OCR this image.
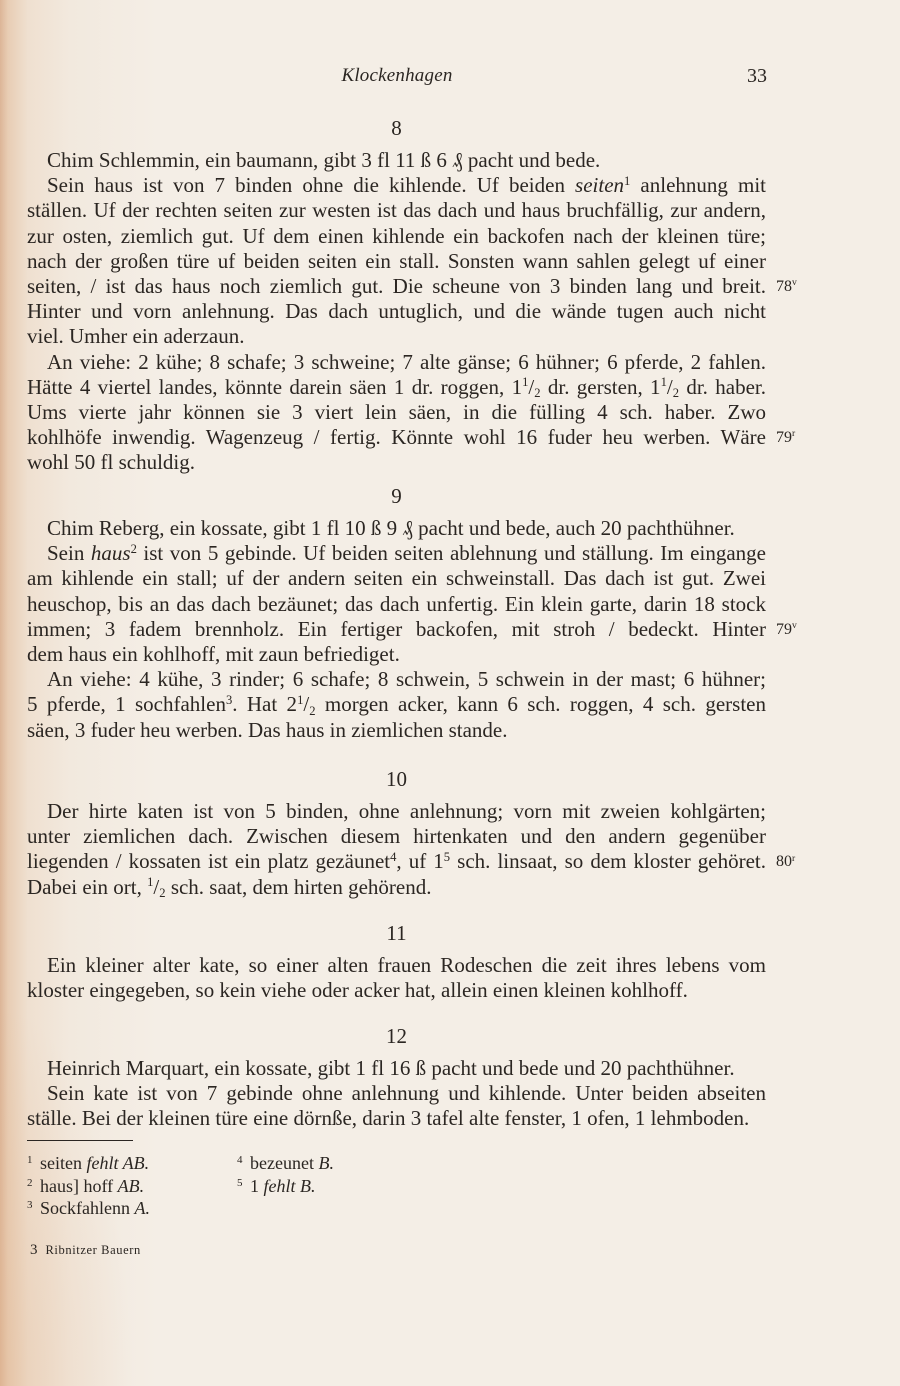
Klockenhagen	33
8
Chim Schlemmin, ein baumann, gibt 3 fl 11 ß 6 ₰ pacht und bede.
Sein haus ist von 7 binden ohne die kihlende. Uf beiden seiten$^1$ anlehnung mit
ställen. Uf der rechten seiten zur westen ist das dach und haus bruchfällig, zur andern,
zur osten, ziemlich gut. Uf dem einen kihlende ein backofen nach der kleinen türe;
nach der großen türe uf beiden seiten ein stall. Sonsten wann sahlen gelegt uf einer
seiten, / ist das haus noch ziemlich gut. Die scheune von 3 binden lang und breit. 78$^v$
Hinter und vorn anlehnung. Das dach untuglich, und die wände tugen auch nicht
viel. Umher ein aderzaun.
An viehe: 2 kühe; 8 schafe; 3 schweine; 7 alte gänse; 6 hühner; 6 pferde, 2 fahlen.
Hätte 4 viertel landes, könnte darein säen 1 dr. roggen, $1^1/_2$ dr. gersten, $1^1/_2$ dr. haber.
Ums vierte jahr können sie 3 viert lein säen, in die fülling 4 sch. haber. Zwo
kohlhöfe inwendig. Wagenzeug / fertig. Könnte wohl 16 fuder heu werben. Wäre 79$^r$
wohl 50 fl schuldig.
9
Chim Reberg, ein kossate, gibt 1 fl 10 ß 9 ₰ pacht und bede, auch 20 pachthühner.
Sein haus$^2$ ist von 5 gebinde. Uf beiden seiten ablehnung und ställung. Im eingange
am kihlende ein stall; uf der andern seiten ein schweinstall. Das dach ist gut. Zwei
heuschop, bis an das dach bezäunet; das dach unfertig. Ein klein garte, darin 18 stock
immen; 3 fadem brennholz. Ein fertiger backofen, mit stroh / bedeckt. Hinter 79$^v$
dem haus ein kohlhoff, mit zaun befriediget.
An viehe: 4 kühe, 3 rinder; 6 schafe; 8 schwein, 5 schwein in der mast; 6 hühner;
5 pferde, 1 sochfahlen$^3$. Hat $2^1/_2$ morgen acker, kann 6 sch. roggen, 4 sch. gersten
säen, 3 fuder heu werben. Das haus in ziemlichen stande.
10
Der hirte katen ist von 5 binden, ohne anlehnung; vorn mit zweien kohlgärten;
unter ziemlichen dach. Zwischen diesem hirtenkaten und den andern gegenüber
liegenden / kossaten ist ein platz gezäunet$^4$, uf $1^5$ sch. linsaat, so dem kloster gehöret. 80$^r$
Dabei ein ort, $^1/_2$ sch. saat, dem hirten gehörend.
11
Ein kleiner alter kate, so einer alten frauen Rodeschen die zeit ihres lebens vom
kloster eingegeben, so kein viehe oder acker hat, allein einen kleinen kohlhoff.
12
Heinrich Marquart, ein kossate, gibt 1 fl 16 ß pacht und bede und 20 pachthühner.
Sein kate ist von 7 gebinde ohne anlehnung und kihlende. Unter beiden abseiten
ställe. Bei der kleinen türe eine dörnße, darin 3 tafel alte fenster, 1 ofen, 1 lehmboden.
1 seiten fehlt AB.
2 haus] hoff AB.
3 Sockfahlenn A.
4 bezeunet B.
5 1 fehlt B.
3 Ribnitzer Bauern
